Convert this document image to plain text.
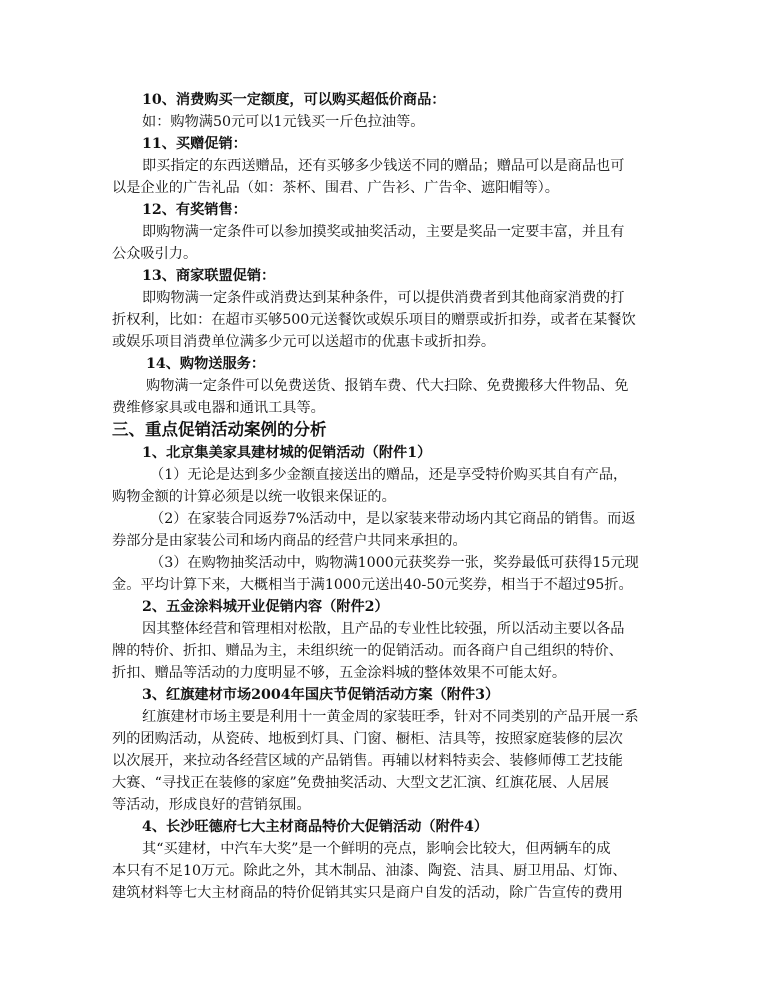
10、消费购买一定额度，可以购买超低价商品：
如：购物满50元可以1元钱买一斤色拉油等。
11、买赠促销：
即买指定的东西送赠品，还有买够多少钱送不同的赠品；赠品可以是商品也可
以是企业的广告礼品（如：茶杯、围君、广告衫、广告伞、遮阳帽等）。
12、有奖销售：
即购物满一定条件可以参加摸奖或抽奖活动，主要是奖品一定要丰富，并且有
公众吸引力。
13、商家联盟促销：
即购物满一定条件或消费达到某种条件，可以提供消费者到其他商家消费的打
折权利，比如：在超市买够500元送餐饮或娱乐项目的赠票或折扣券，或者在某餐饮
或娱乐项目消费单位满多少元可以送超市的优惠卡或折扣券。
14、购物送服务：
购物满一定条件可以免费送货、报销车费、代大扫除、免费搬移大件物品、免
费维修家具或电器和通讯工具等。
三、重点促销活动案例的分析
1、北京集美家具建材城的促销活动（附件1）
（1）无论是达到多少金额直接送出的赠品，还是享受特价购买其自有产品，
购物金额的计算必须是以统一收银来保证的。
（2）在家装合同返券7%活动中，是以家装来带动场内其它商品的销售。而返
券部分是由家装公司和场内商品的经营户共同来承担的。
（3）在购物抽奖活动中，购物满1000元获奖券一张，奖券最低可获得15元现
金。平均计算下来，大概相当于满1000元送出40-50元奖券，相当于不超过95折。
2、五金涂料城开业促销内容（附件2）
因其整体经营和管理相对松散，且产品的专业性比较强，所以活动主要以各品
牌的特价、折扣、赠品为主，未组织统一的促销活动。而各商户自己组织的特价、
折扣、赠品等活动的力度明显不够，五金涂料城的整体效果不可能太好。
3、红旗建材市场2004年国庆节促销活动方案（附件3）
红旗建材市场主要是利用十一黄金周的家装旺季，针对不同类别的产品开展一系
列的团购活动，从瓷砖、地板到灯具、门窗、橱柜、洁具等，按照家庭装修的层次
以次展开，来拉动各经营区域的产品销售。再辅以材料特卖会、装修师傅工艺技能
大赛、“寻找正在装修的家庭”免费抽奖活动、大型文艺汇演、红旗花展、人居展
等活动，形成良好的营销氛围。
4、长沙旺德府七大主材商品特价大促销活动（附件4）
其“买建材，中汽车大奖”是一个鲜明的亮点，影响会比较大，但两辆车的成
本只有不足10万元。除此之外，其木制品、油漆、陶瓷、洁具、厨卫用品、灯饰、
建筑材料等七大主材商品的特价促销其实只是商户自发的活动，除广告宣传的费用
